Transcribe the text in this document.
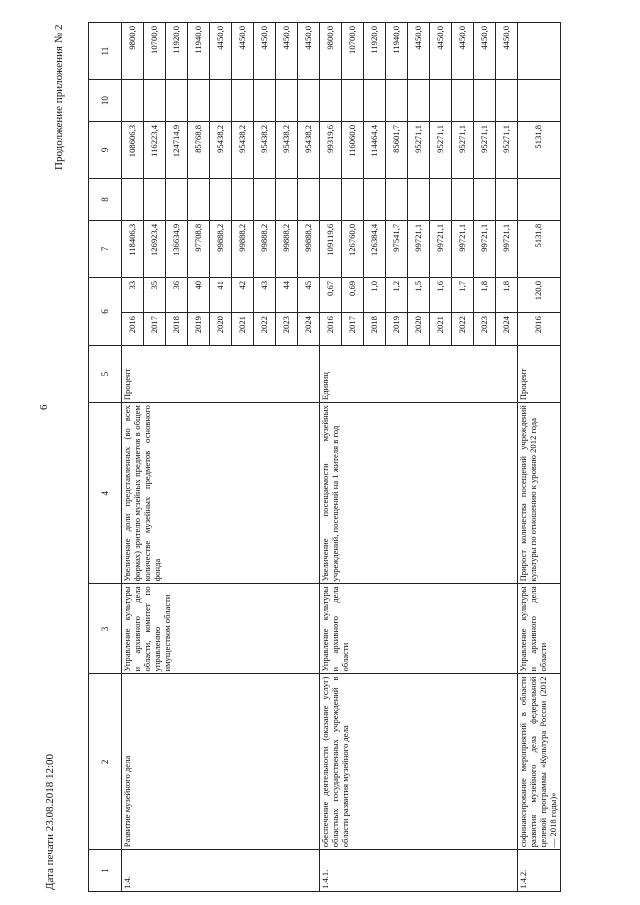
6
Продолжение приложения № 2
Дата печати 23.08.2018 12:00	1	2	3	4	5	6		7	8	9	10	11
1.4.	Развитие музейного дела	Управление культуры и архивного дела области, комитет по управлению имуществом области	Увеличение доли представленных (во всех формах) зрителю музейных предметов в общем количестве музейных предметов основного фонда	Процент	2016	33	118406,3		108606,3		9800,0
					2017	35	126923,4		116223,4		10700,0
					2018	36	136634,9		124714,9		11920,0
					2019	40	97708,8		85768,8		11940,0
					2020	41	99888,2		95438,2		4450,0
					2021	42	99888,2		95438,2		4450,0
					2022	43	99888,2		95438,2		4450,0
					2023	44	99888,2		95438,2		4450,0
					2024	45	99888,2		95438,2		4450,0
1.4.1.	обеспечение деятельности (оказание услуг) областных государственных учреждений в области развития музейного дела	Управление культуры и архивного дела области	Увеличение посещаемости музейных учреждений, посещений на 1 жителя в год	Единиц	2016	0,67	109119,6		99319,6		9800,0
					2017	0,69	126760,0		116060,0		10700,0
					2018	1,0	126384,4		114464,4		11920,0
					2019	1,2	97541,7		85601,7		11940,0
					2020	1,5	99721,1		95271,1		4450,0
					2021	1,6	99721,1		95271,1		4450,0
					2022	1,7	99721,1		95271,1		4450,0
					2023	1,8	99721,1		95271,1		4450,0
					2024	1,8	99721,1		95271,1		4450,0
1.4.2.	софинансирование мероприятий в области развития музейного дела федеральной целевой программы «Культура России (2012 — 2018 годы)»	Управление культуры и архивного дела области	Прирост количества посещений учреждений культуры по отношению к уровню 2012 года	Процент	2016	120,0	5131,8		5131,8		
